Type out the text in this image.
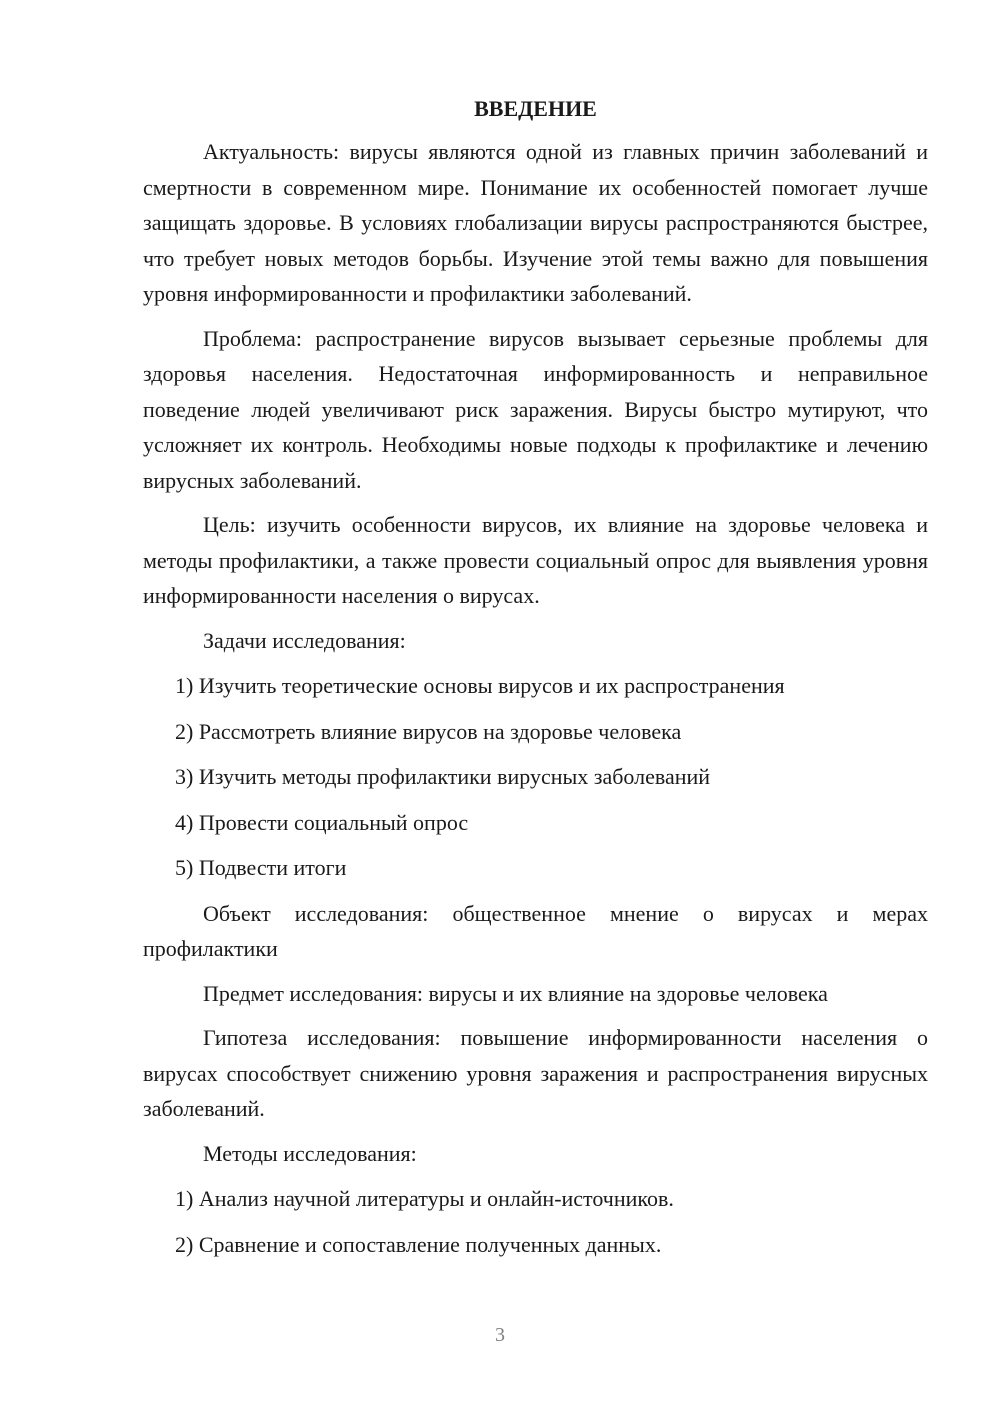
ВВЕДЕНИЕ

Актуальность: вирусы являются одной из главных причин заболеваний и смертности в современном мире. Понимание их особенностей помогает лучше защищать здоровье. В условиях глобализации вирусы распространяются быстрее, что требует новых методов борьбы. Изучение этой темы важно для повышения уровня информированности и профилактики заболеваний.

Проблема: распространение вирусов вызывает серьезные проблемы для здоровья населения. Недостаточная информированность и неправильное поведение людей увеличивают риск заражения. Вирусы быстро мутируют, что усложняет их контроль. Необходимы новые подходы к профилактике и лечению вирусных заболеваний.

Цель: изучить особенности вирусов, их влияние на здоровье человека и методы профилактики, а также провести социальный опрос для выявления уровня информированности населения о вирусах.

Задачи исследования:

1) Изучить теоретические основы вирусов и их распространения
2) Рассмотреть влияние вирусов на здоровье человека
3) Изучить методы профилактики вирусных заболеваний
4) Провести социальный опрос
5) Подвести итоги

Объект исследования: общественное мнение о вирусах и мерах профилактики

Предмет исследования: вирусы и их влияние на здоровье человека

Гипотеза исследования: повышение информированности населения о вирусах способствует снижению уровня заражения и распространения вирусных заболеваний.

Методы исследования:

1) Анализ научной литературы и онлайн-источников.
2) Сравнение и сопоставление полученных данных.
3
